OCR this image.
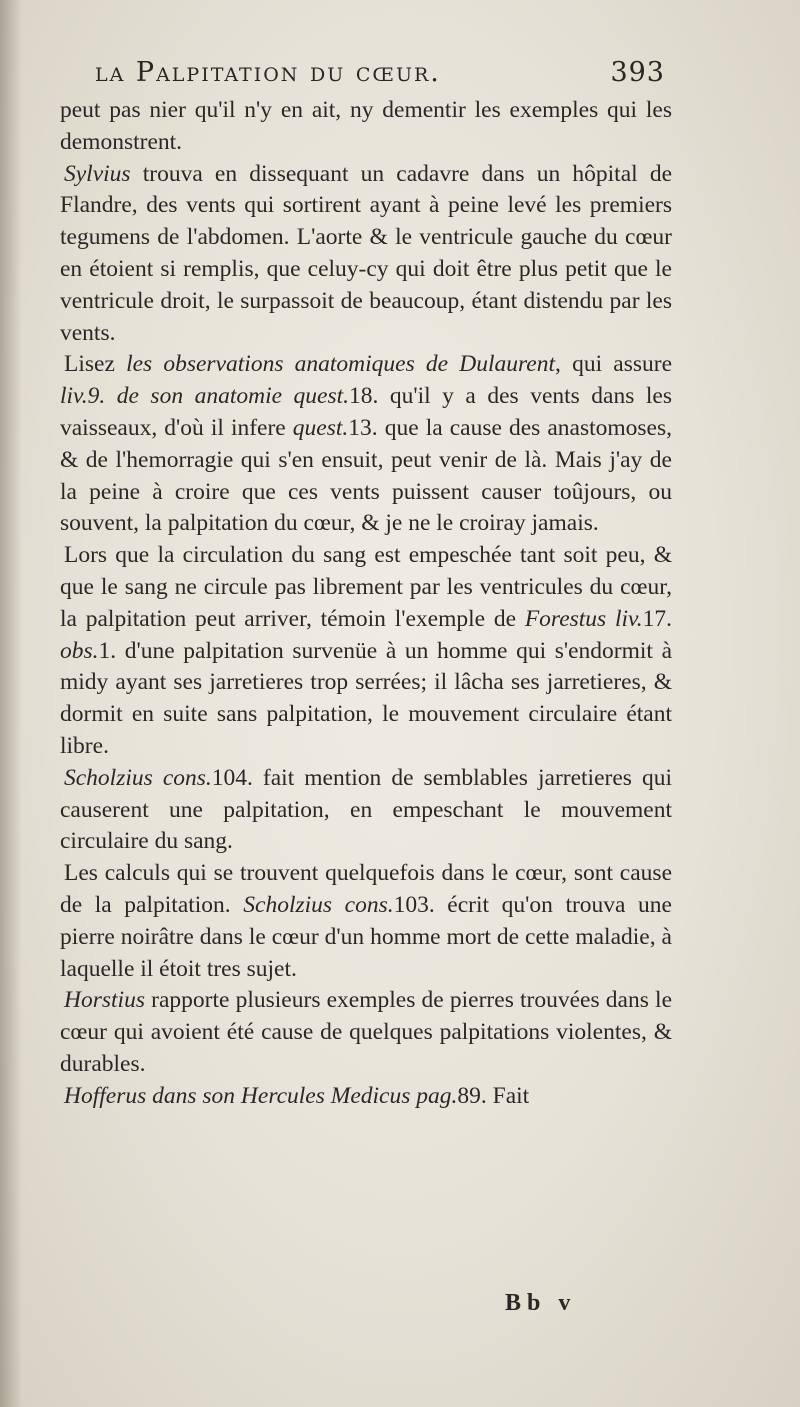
la Palpitation du cœur.	393

peut pas nier qu'il n'y en ait, ny dementir les exemples qui les demonstrent.

Sylvius trouva en dissequant un cadavre dans un hôpital de Flandre, des vents qui sortirent ayant à peine levé les premiers tegumens de l'abdomen. L'aorte & le ventricule gauche du cœur en étoient si remplis, que celuy-cy qui doit être plus petit que le ventricule droit, le surpassoit de beaucoup, étant distendu par les vents.

Lisez les observations anatomiques de Dulaurent, qui assure liv.9. de son anatomie quest.18. qu'il y a des vents dans les vaisseaux, d'où il infere quest.13. que la cause des anastomoses, & de l'hemorragie qui s'en ensuit, peut venir de là. Mais j'ay de la peine à croire que ces vents puissent causer toûjours, ou souvent, la palpitation du cœur, & je ne le croiray jamais.

Lors que la circulation du sang est empeschée tant soit peu, & que le sang ne circule pas librement par les ventricules du cœur, la palpitation peut arriver, témoin l'exemple de Forestus liv.17. obs.1. d'une palpitation survenüe à un homme qui s'endormit à midy ayant ses jarretieres trop serrées; il lâcha ses jarretieres, & dormit en suite sans palpitation, le mouvement circulaire étant libre.

Scholzius cons.104. fait mention de semblables jarretieres qui causerent une palpitation, en empeschant le mouvement circulaire du sang.

Les calculs qui se trouvent quelquefois dans le cœur, sont cause de la palpitation. Scholzius cons.103. écrit qu'on trouva une pierre noirâtre dans le cœur d'un homme mort de cette maladie, à laquelle il étoit tres sujet.

Horstius rapporte plusieurs exemples de pierres trouvées dans le cœur qui avoient été cause de quelques palpitations violentes, & durables.

Hofferus dans son Hercules Medicus pag.89. Fait

Bb v
